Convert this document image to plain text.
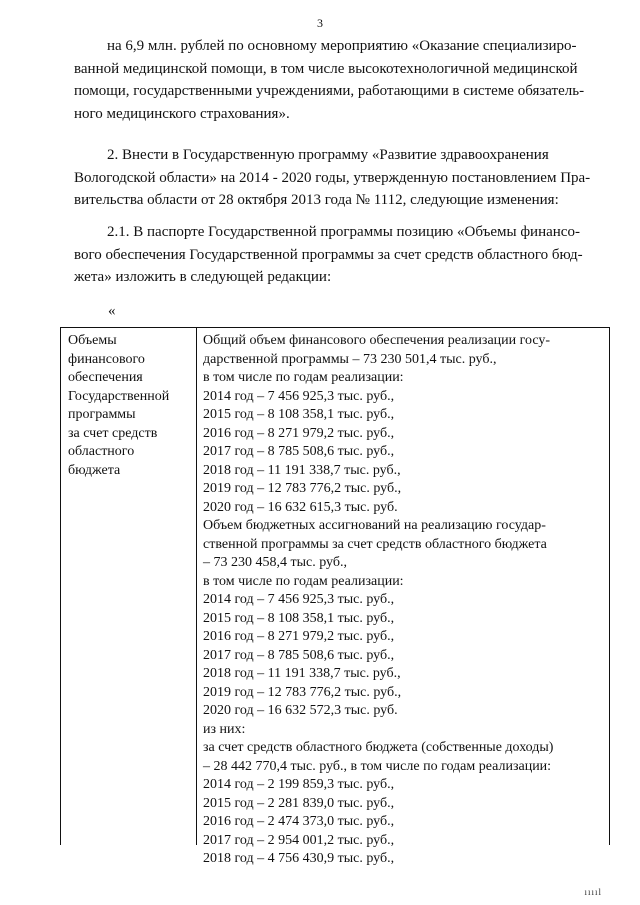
3
на 6,9 млн. рублей по основному мероприятию «Оказание специализиро-
ванной медицинской помощи, в том числе высокотехнологичной медицинской
помощи, государственными учреждениями, работающими в системе обязатель-
ного медицинского страхования».
2. Внести в Государственную программу «Развитие здравоохранения
Вологодской области» на 2014 - 2020 годы, утвержденную постановлением Пра-
вительства области от 28 октября 2013 года № 1112, следующие изменения:
2.1. В паспорте Государственной программы позицию «Объемы финансо-
вого обеспечения Государственной программы за счет средств областного бюд-
жета» изложить в следующей редакции:
«
Объемы
финансового
обеспечения
Государственной
программы
за счет средств
областного
бюджета
Общий объем финансового обеспечения реализации госу-
дарственной программы – 73 230 501,4 тыс. руб.,
в том числе по годам реализации:
2014 год – 7 456 925,3 тыс. руб.,
2015 год – 8 108 358,1 тыс. руб.,
2016 год – 8 271 979,2 тыс. руб.,
2017 год – 8 785 508,6 тыс. руб.,
2018 год – 11 191 338,7 тыс. руб.,
2019 год – 12 783 776,2 тыс. руб.,
2020 год – 16 632 615,3 тыс. руб.
Объем бюджетных ассигнований на реализацию государ-
ственной программы за счет средств областного бюджета
– 73 230 458,4 тыс. руб.,
в том числе по годам реализации:
2014 год – 7 456 925,3 тыс. руб.,
2015 год – 8 108 358,1 тыс. руб.,
2016 год – 8 271 979,2 тыс. руб.,
2017 год – 8 785 508,6 тыс. руб.,
2018 год – 11 191 338,7 тыс. руб.,
2019 год – 12 783 776,2 тыс. руб.,
2020 год – 16 632 572,3 тыс. руб.
из них:
за счет средств областного бюджета (собственные доходы)
– 28 442 770,4 тыс. руб., в том числе по годам реализации:
2014 год – 2 199 859,3 тыс. руб.,
2015 год – 2 281 839,0 тыс. руб.,
2016 год – 2 474 373,0 тыс. руб.,
2017 год – 2 954 001,2 тыс. руб.,
2018 год – 4 756 430,9 тыс. руб.,
ııııl
